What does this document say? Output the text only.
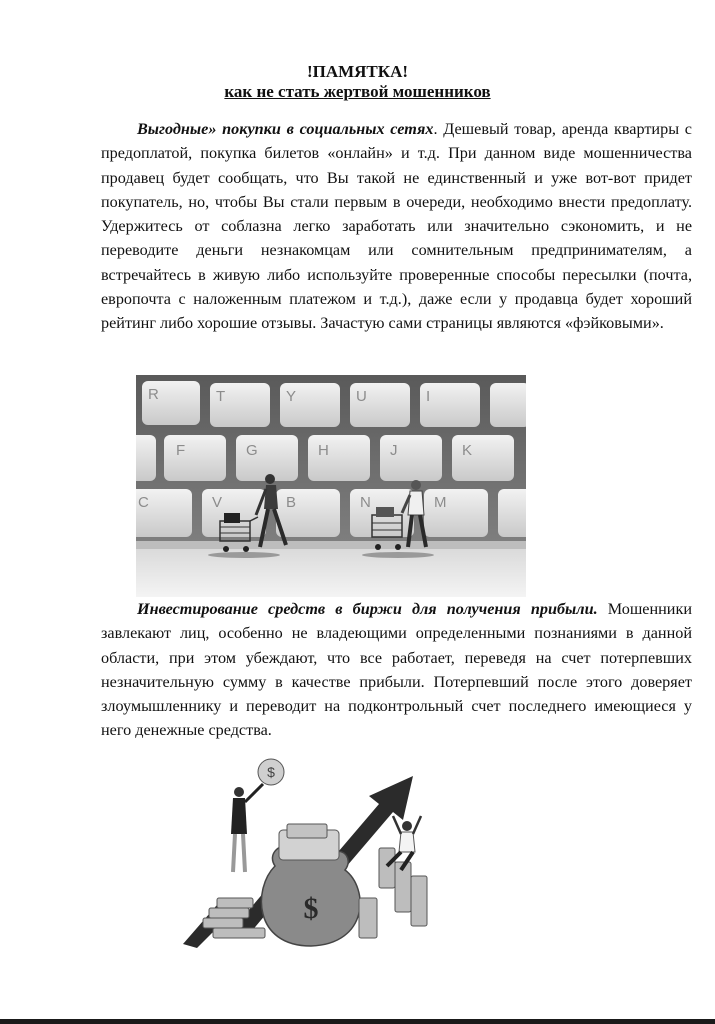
!ПАМЯТКА!
как не стать жертвой мошенников

Выгодные» покупки в социальных сетях. Дешевый товар, аренда квартиры с предоплатой, покупка билетов «онлайн» и т.д. При данном виде мошенничества продавец будет сообщать, что Вы такой не единственный и уже вот-вот придет покупатель, но, чтобы Вы стали первым в очереди, необходимо внести предоплату. Удержитесь от соблазна легко заработать или значительно сэкономить, и не переводите деньги незнакомцам или сомнительным предпринимателям, а встречайтесь в живую либо используйте проверенные способы пересылки (почта, европочта с наложенным платежом и т.д.), даже если у продавца будет хороший рейтинг либо хорошие отзывы. Зачастую сами страницы являются «фэйковыми».

R	T	Y	U	I
F	G	H	J	K
C	V	B	N	M

Инвестирование средств в биржи для получения прибыли. Мошенники завлекают лиц, особенно не владеющими определенными познаниями в данной области, при этом убеждают, что все работает, переведя на счет потерпевших незначительную сумму в качестве прибыли. Потерпевший после этого доверяет злоумышленнику и переводит на подконтрольный счет последнего имеющиеся у него денежные средства.

$
$
